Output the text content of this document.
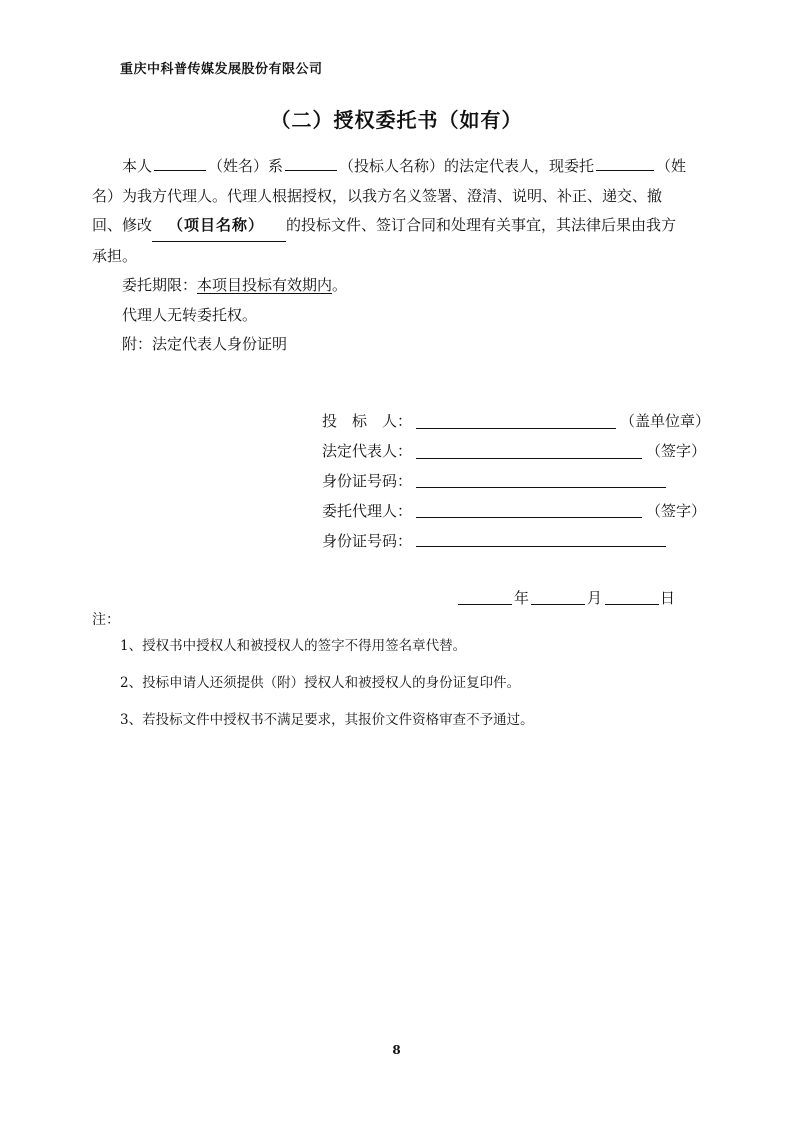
重庆中科普传媒发展股份有限公司
（二）授权委托书（如有）
本人	（姓名）系	（投标人名称）的法定代表人，现委托	（姓
名）为我方代理人。代理人根据授权，以我方名义签署、澄清、说明、补正、递交、撤
回、修改 （项目名称） 的投标文件、签订合同和处理有关事宜，其法律后果由我方
承担。
委托期限：本项目投标有效期内。
代理人无转委托权。
附：法定代表人身份证明
投　标　人：	（盖单位章）
法定代表人：	（签字）
身份证号码：
委托代理人：	（签字）
身份证号码：
年	月	日
注：
1、授权书中授权人和被授权人的签字不得用签名章代替。
2、投标申请人还须提供（附）授权人和被授权人的身份证复印件。
3、若投标文件中授权书不满足要求，其报价文件资格审查不予通过。
8
